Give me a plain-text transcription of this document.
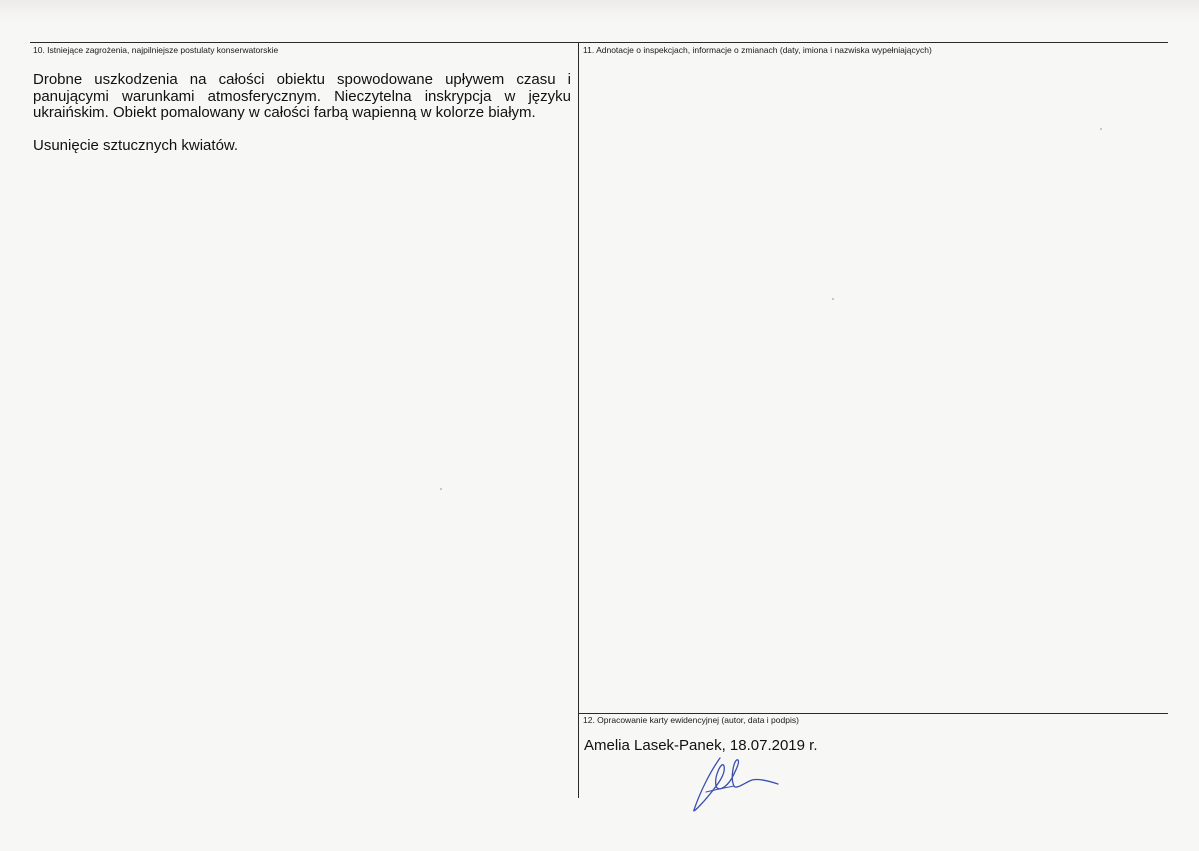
10. Istniejące zagrożenia, najpilniejsze postulaty konserwatorskie

Drobne uszkodzenia na całości obiektu spowodowane upływem czasu i panującymi warunkami atmosferycznym. Nieczytelna inskrypcja w języku ukraińskim. Obiekt pomalowany w całości farbą wapienną w kolorze białym.

Usunięcie sztucznych kwiatów.

11. Adnotacje o inspekcjach, informacje o zmianach (daty, imiona i nazwiska wypełniających)
12. Opracowanie karty ewidencyjnej (autor, data i podpis)
Amelia Lasek-Panek, 18.07.2019 r.
